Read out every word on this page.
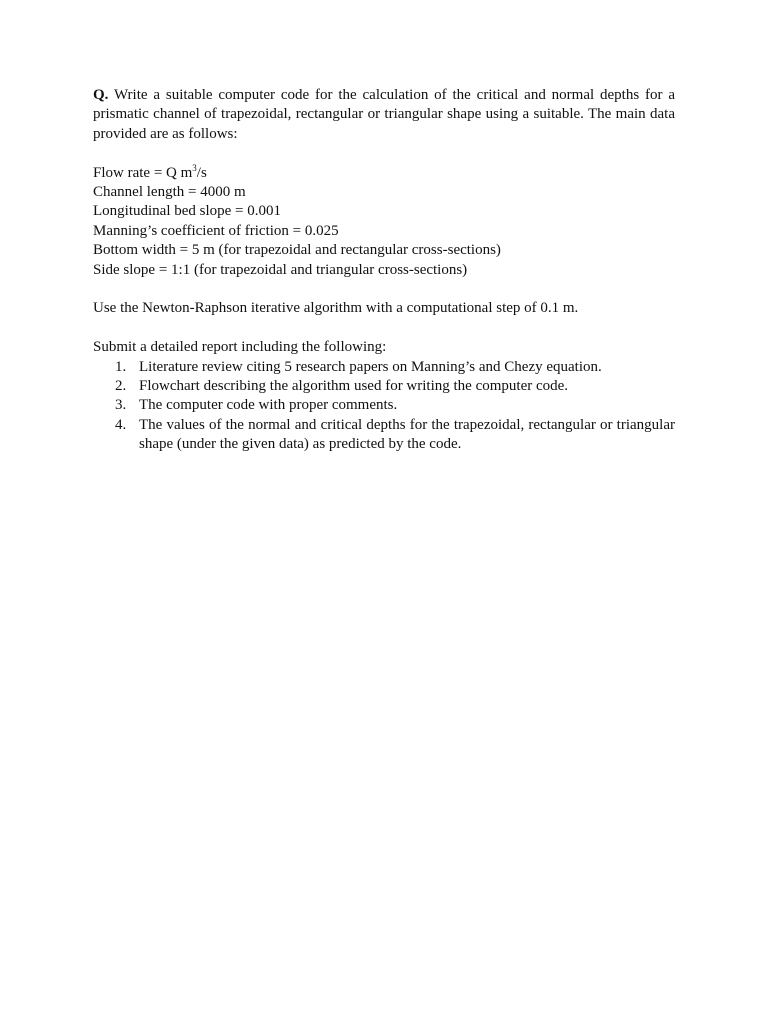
Q. Write a suitable computer code for the calculation of the critical and normal depths for a prismatic channel of trapezoidal, rectangular or triangular shape using a suitable. The main data provided are as follows:

Flow rate = Q $m^3/s$

Channel length = 4000 m

Longitudinal bed slope = 0.001

Manning’s coefficient of friction = 0.025

Bottom width = 5 m (for trapezoidal and rectangular cross-sections)

Side slope = 1:1 (for trapezoidal and triangular cross-sections)

Use the Newton-Raphson iterative algorithm with a computational step of 0.1 m.

Submit a detailed report including the following:

1. Literature review citing 5 research papers on Manning’s and Chezy equation.
2. Flowchart describing the algorithm used for writing the computer code.
3. The computer code with proper comments.
4. The values of the normal and critical depths for the trapezoidal, rectangular or triangular shape (under the given data) as predicted by the code.
